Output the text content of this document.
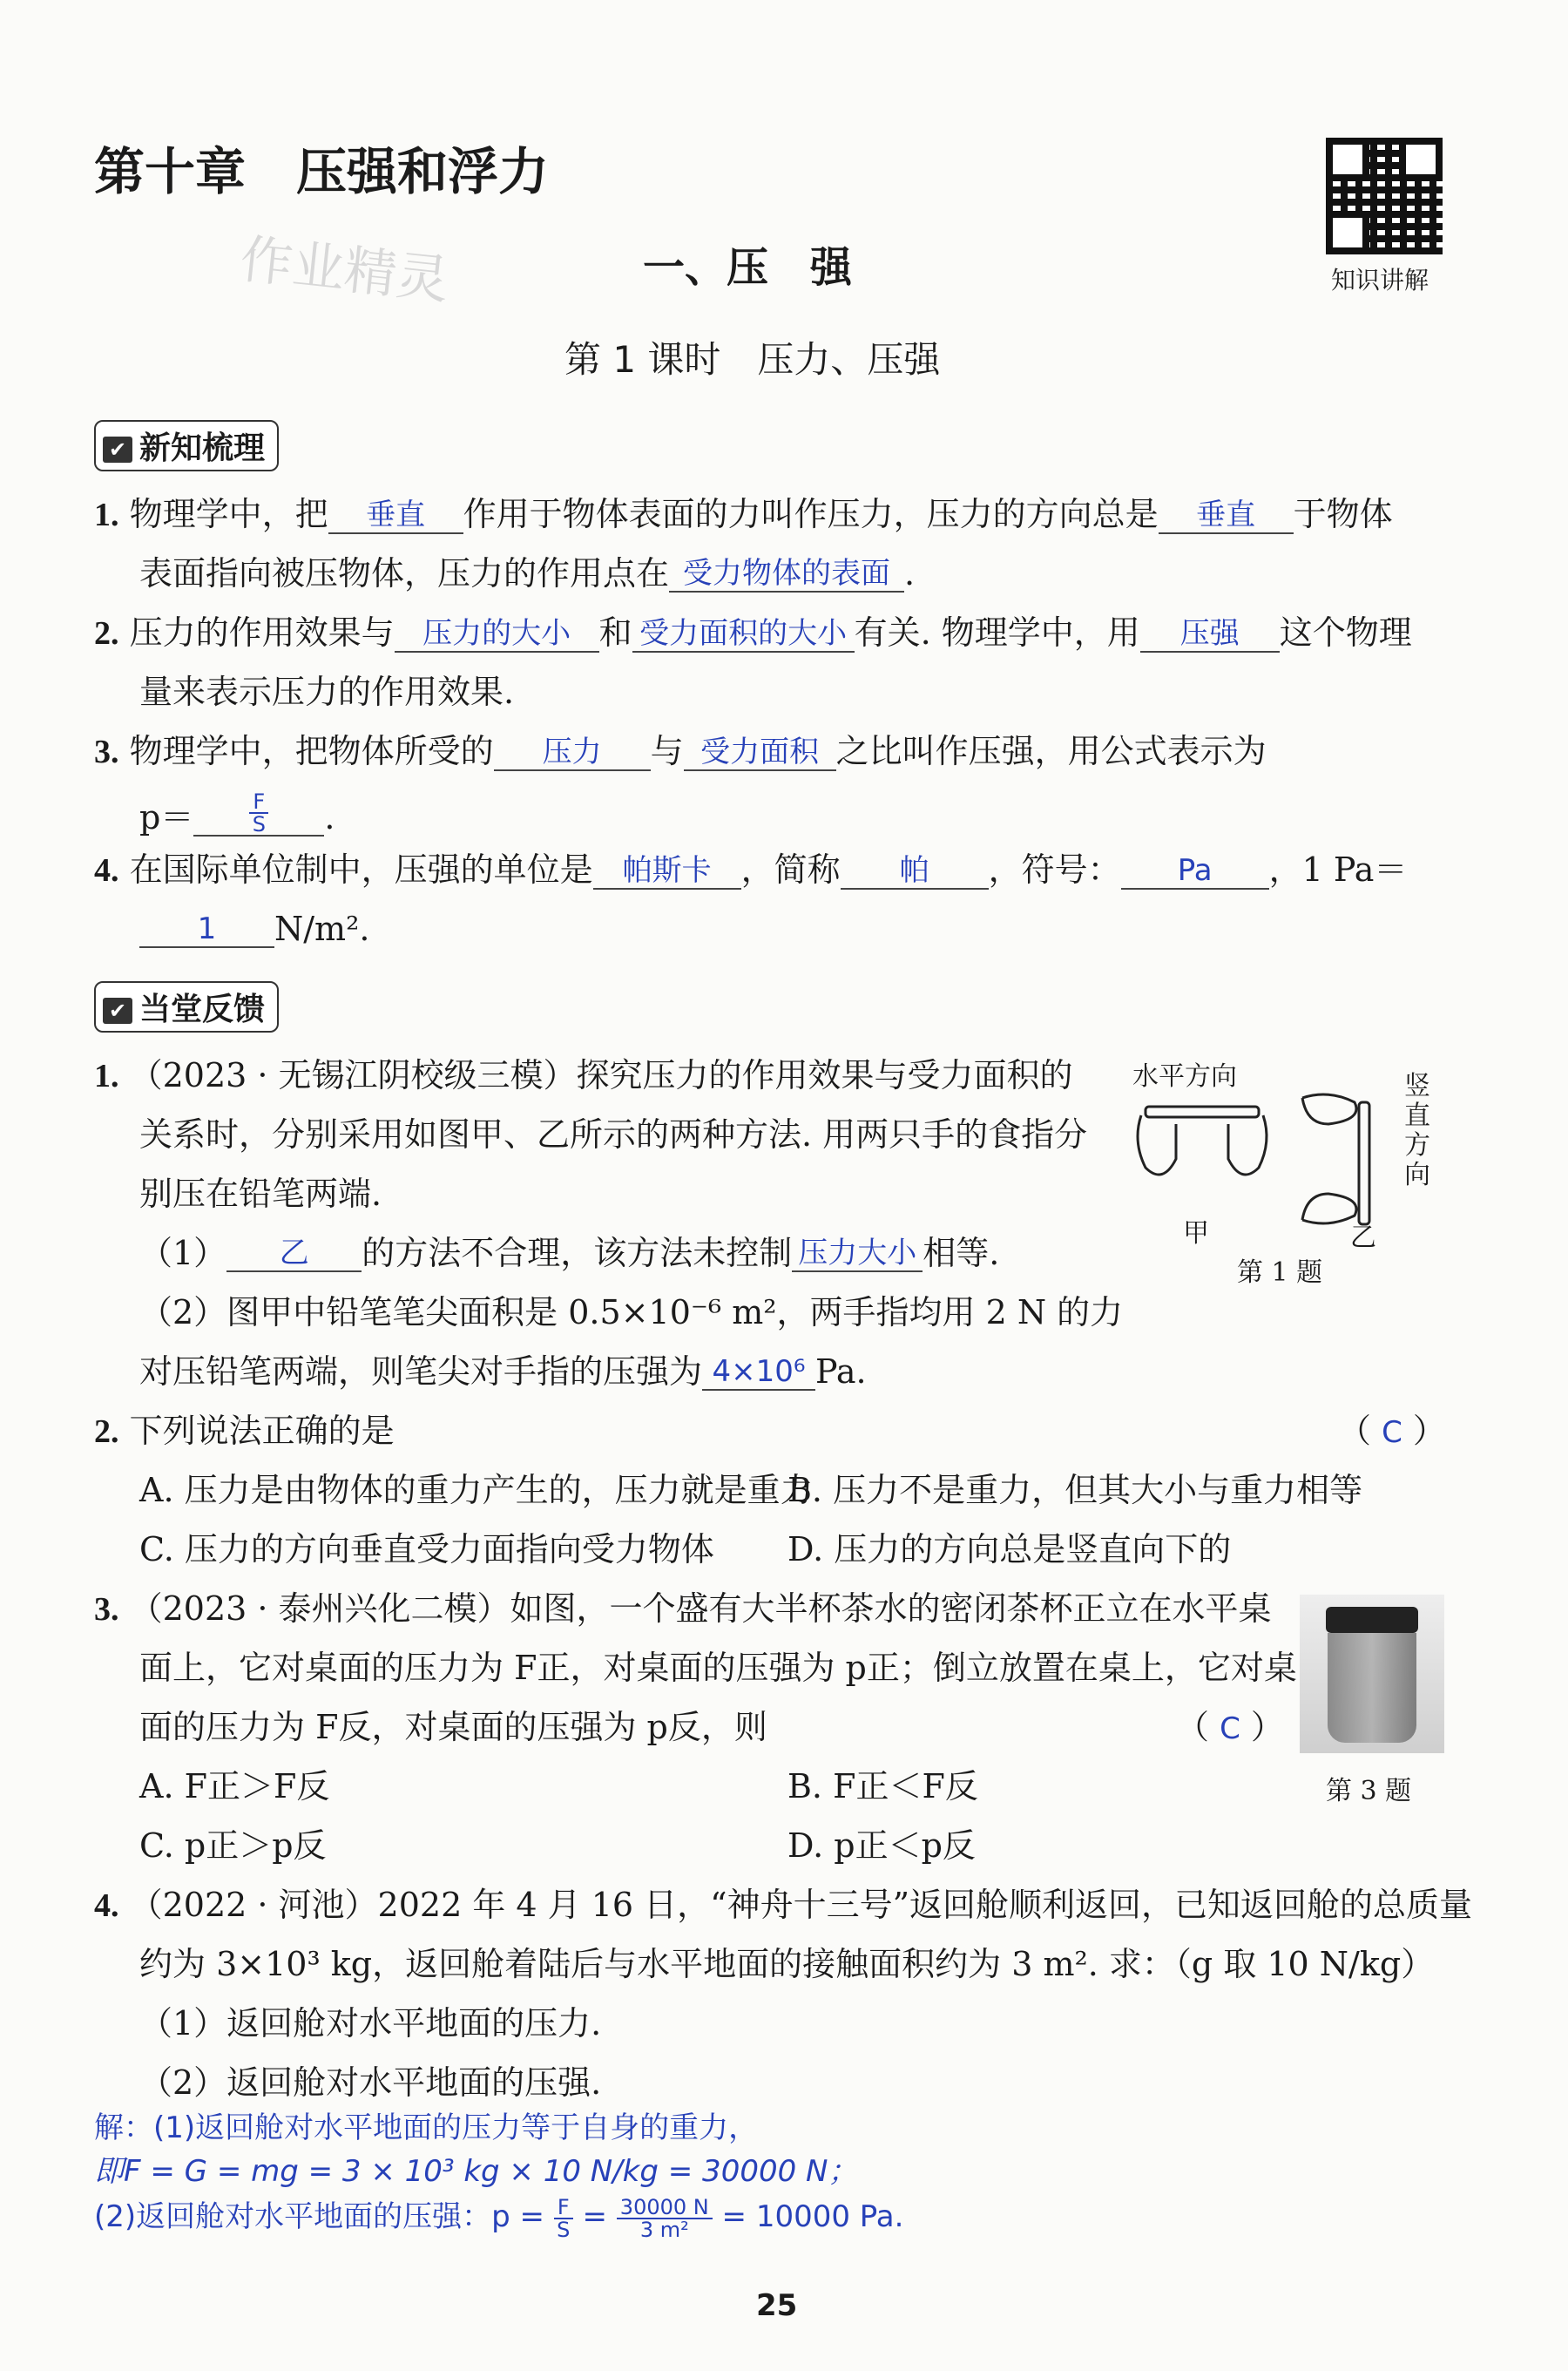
第十章　压强和浮力
知识讲解
作业精灵	一、压　强
第 1 课时　压力、压强
✔ 新知梳理
1. 物理学中，把 垂直 作用于物体表面的力叫作压力，压力的方向总是 垂直 于物体
表面指向被压物体，压力的作用点在 受力物体的表面 .
2. 压力的作用效果与 压力的大小 和 受力面积的大小 有关. 物理学中，用 压强 这个物理
量来表示压力的作用效果.
3. 物理学中，把物体所受的 压力 与 受力面积 之比叫作压强，用公式表示为
p＝	$\frac{F}{S}$ .
4. 在国际单位制中，压强的单位是 帕斯卡 ，简称 帕 ，符号： Pa ，1 Pa＝
1 N/m².
✔ 当堂反馈
1. （2023 · 无锡江阴校级三模）探究压力的作用效果与受力面积的
关系时，分别采用如图甲、乙所示的两种方法. 用两只手的食指分
别压在铅笔两端.
（1） 乙 的方法不合理，该方法未控制 压力大小 相等.
（2）图甲中铅笔笔尖面积是 0.5×10⁻⁶ m²，两手指均用 2 N 的力
对压铅笔两端，则笔尖对手指的压强为 4×10⁶ Pa.
水平方向	竖直方向
甲	乙
第 1 题
2. 下列说法正确的是	（ C ）
A. 压力是由物体的重力产生的，压力就是重力
B. 压力不是重力，但其大小与重力相等
C. 压力的方向垂直受力面指向受力物体 D. 压力的方向总是竖直向下的
3. （2023 · 泰州兴化二模）如图，一个盛有大半杯茶水的密闭茶杯正立在水平桌
面上，它对桌面的压力为 F正，对桌面的压强为 p正；倒立放置在桌上，它对桌
面的压力为 F反，对桌面的压强为 p反，则	（ C ）
A. F正＞F反	B. F正＜F反
C. p正＞p反	D. p正＜p反
第 3 题
4. （2022 · 河池）2022 年 4 月 16 日，“神舟十三号”返回舱顺利返回，已知返回舱的总质量
约为 3×10³ kg，返回舱着陆后与水平地面的接触面积约为 3 m². 求：（g 取 10 N/kg）
（1）返回舱对水平地面的压力.
（2）返回舱对水平地面的压强.
解：(1)返回舱对水平地面的压力等于自身的重力，
即F = G = mg = 3 × 10³ kg × 10 N/kg = 30000 N；
(2)返回舱对水平地面的压强：$p = \frac{F}{S} = \frac{30000 N}{\text{3 m²}} = 10000$ Pa.
25
